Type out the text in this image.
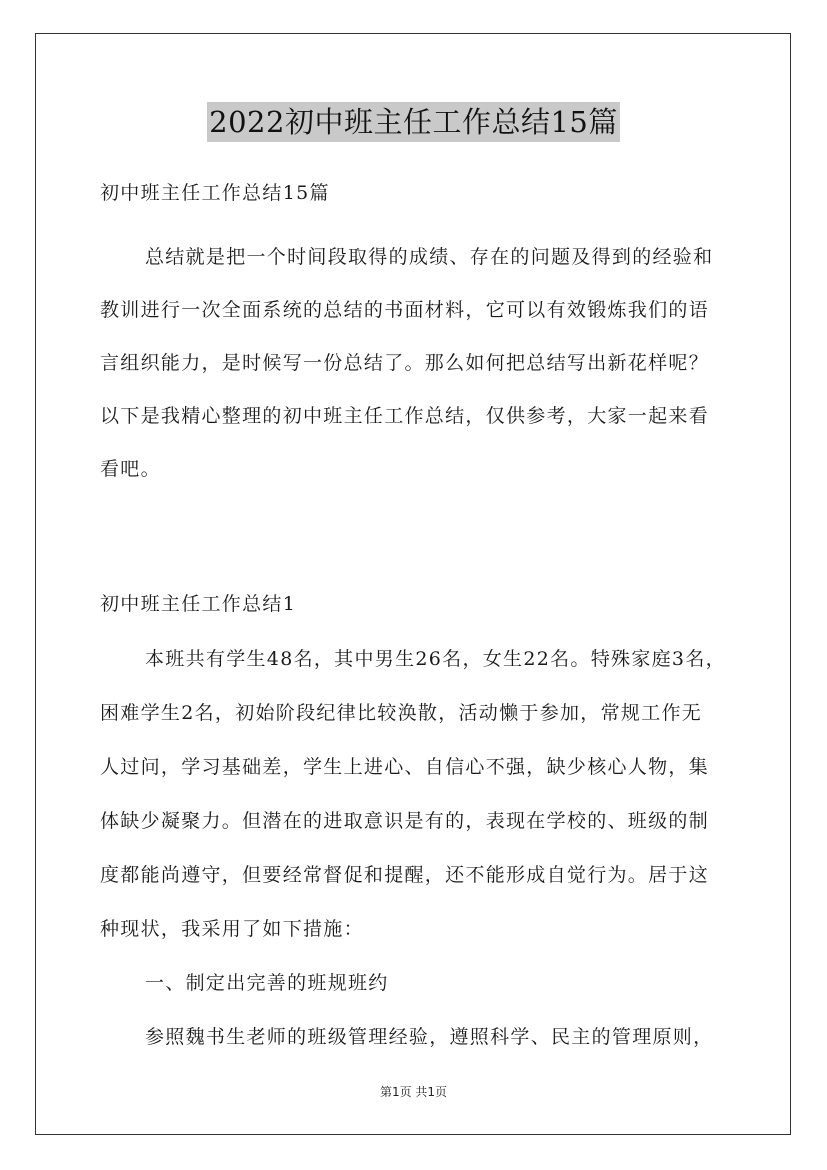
2022初中班主任工作总结15篇
初中班主任工作总结15篇
总结就是把一个时间段取得的成绩、存在的问题及得到的经验和
教训进行一次全面系统的总结的书面材料，它可以有效锻炼我们的语
言组织能力，是时候写一份总结了。那么如何把总结写出新花样呢？
以下是我精心整理的初中班主任工作总结，仅供参考，大家一起来看
看吧。
初中班主任工作总结1
本班共有学生48名，其中男生26名，女生22名。特殊家庭3名，
困难学生2名，初始阶段纪律比较涣散，活动懒于参加，常规工作无
人过问，学习基础差，学生上进心、自信心不强，缺少核心人物，集
体缺少凝聚力。但潜在的进取意识是有的，表现在学校的、班级的制
度都能尚遵守，但要经常督促和提醒，还不能形成自觉行为。居于这
种现状，我采用了如下措施：
一、制定出完善的班规班约
参照魏书生老师的班级管理经验，遵照科学、民主的管理原则，
第1页 共1页
